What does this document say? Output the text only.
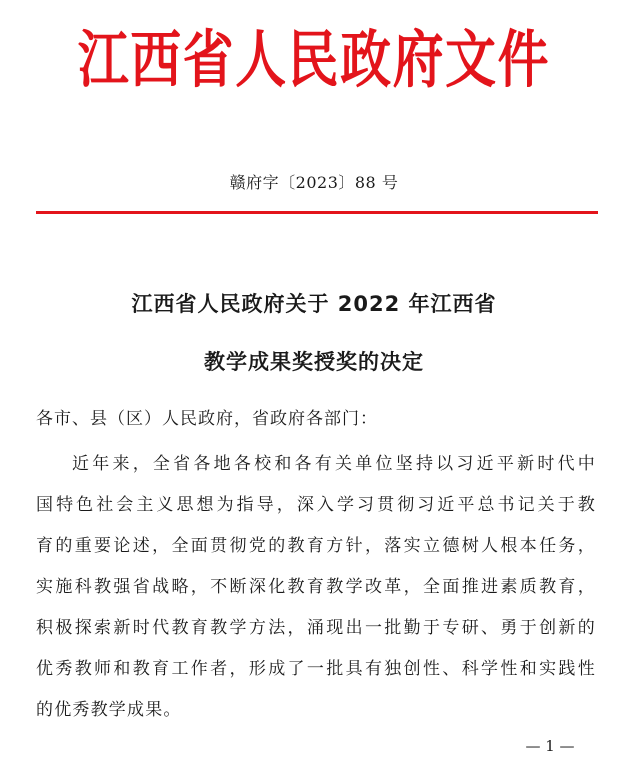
江西省人民政府文件
赣府字〔2023〕88 号
江西省人民政府关于 2022 年江西省
教学成果奖授奖的决定
各市、县（区）人民政府，省政府各部门：
近年来，全省各地各校和各有关单位坚持以习近平新时代中
国特色社会主义思想为指导，深入学习贯彻习近平总书记关于教
育的重要论述，全面贯彻党的教育方针，落实立德树人根本任务，
实施科教强省战略，不断深化教育教学改革，全面推进素质教育，
积极探索新时代教育教学方法，涌现出一批勤于专研、勇于创新的
优秀教师和教育工作者，形成了一批具有独创性、科学性和实践性
的优秀教学成果。
— 1 —
